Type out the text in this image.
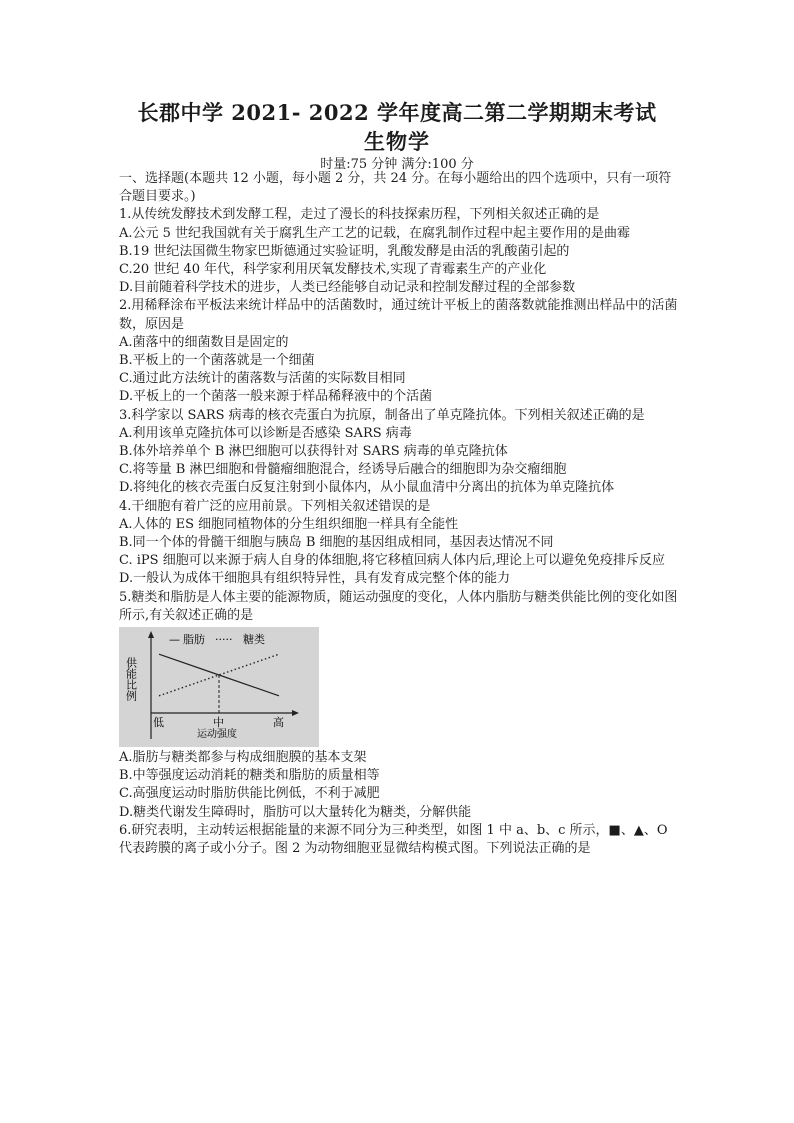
长郡中学 2021- 2022 学年度高二第二学期期末考试
生物学
时量:75 分钟 满分:100 分

一、选择题(本题共 12 小题，每小题 2 分，共 24 分。在每小题给出的四个选项中，只有一项符合题目要求。)

1.从传统发酵技术到发酵工程，走过了漫长的科技探索历程，下列相关叙述正确的是

A.公元 5 世纪我国就有关于腐乳生产工艺的记载，在腐乳制作过程中起主要作用的是曲霉

B.19 世纪法国微生物家巴斯德通过实验证明，乳酸发酵是由活的乳酸菌引起的

C.20 世纪 40 年代，科学家利用厌氧发酵技术,实现了青霉素生产的产业化

D.目前随着科学技术的进步，人类已经能够自动记录和控制发酵过程的全部参数

2.用稀释涂布平板法来统计样品中的活菌数时，通过统计平板上的菌落数就能推测出样品中的活菌数，原因是

A.菌落中的细菌数目是固定的

B.平板上的一个菌落就是一个细菌

C.通过此方法统计的菌落数与活菌的实际数目相同

D.平板上的一个菌落一般来源于样品稀释液中的个活菌

3.科学家以 SARS 病毒的核衣壳蛋白为抗原，制备出了单克隆抗体。下列相关叙述正确的是

A.利用该单克隆抗体可以诊断是否感染 SARS 病毒

B.体外培养单个 B 淋巴细胞可以获得针对 SARS 病毒的单克隆抗体

C.将等量 B 淋巴细胞和骨髓瘤细胞混合，经诱导后融合的细胞即为杂交瘤细胞

D.将纯化的核衣壳蛋白反复注射到小鼠体内，从小鼠血清中分离出的抗体为单克隆抗体

4.干细胞有着广泛的应用前景。下列相关叙述错误的是

A.人体的 ES 细胞同植物体的分生组织细胞一样具有全能性

B.同一个体的骨髓干细胞与胰岛 B 细胞的基因组成相同，基因表达情况不同

C. iPS 细胞可以来源于病人自身的体细胞,将它移植回病人体内后,理论上可以避免免疫排斥反应

D.一般认为成体干细胞具有组织特异性，具有发育成完整个体的能力

5.糖类和脂肪是人体主要的能源物质，随运动强度的变化，人体内脂肪与糖类供能比例的变化如图所示,有关叙述正确的是

供能比例
运动强度
— 脂肪 ····· 糖类
低	中	高

A.脂肪与糖类都参与构成细胞膜的基本支架

B.中等强度运动消耗的糖类和脂肪的质量相等

C.高强度运动时脂肪供能比例低，不利于减肥

D.糖类代谢发生障碍时，脂肪可以大量转化为糖类，分解供能

6.研究表明，主动转运根据能量的来源不同分为三种类型，如图 1 中 a、b、c 所示，■、▲、O 代表跨膜的离子或小分子。图 2 为动物细胞亚显微结构模式图。下列说法正确的是
